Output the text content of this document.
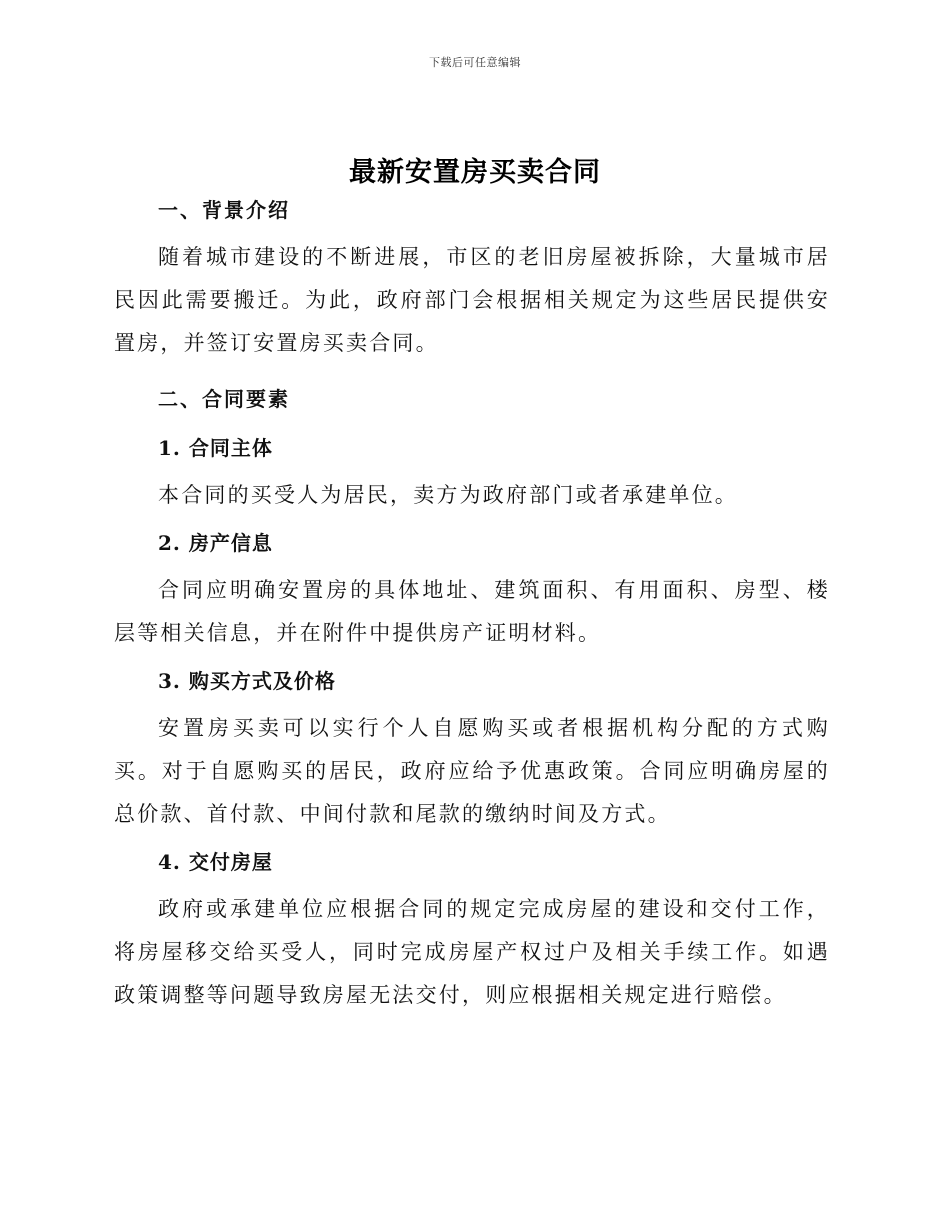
下载后可任意编辑
最新安置房买卖合同
一、背景介绍

随着城市建设的不断进展，市区的老旧房屋被拆除，大量城市居民因此需要搬迁。为此，政府部门会根据相关规定为这些居民提供安置房，并签订安置房买卖合同。

二、合同要素
1. 合同主体

本合同的买受人为居民，卖方为政府部门或者承建单位。

2. 房产信息

合同应明确安置房的具体地址、建筑面积、有用面积、房型、楼层等相关信息，并在附件中提供房产证明材料。

3. 购买方式及价格

安置房买卖可以实行个人自愿购买或者根据机构分配的方式购买。对于自愿购买的居民，政府应给予优惠政策。合同应明确房屋的总价款、首付款、中间付款和尾款的缴纳时间及方式。

4. 交付房屋

政府或承建单位应根据合同的规定完成房屋的建设和交付工作，将房屋移交给买受人，同时完成房屋产权过户及相关手续工作。如遇政策调整等问题导致房屋无法交付，则应根据相关规定进行赔偿。
